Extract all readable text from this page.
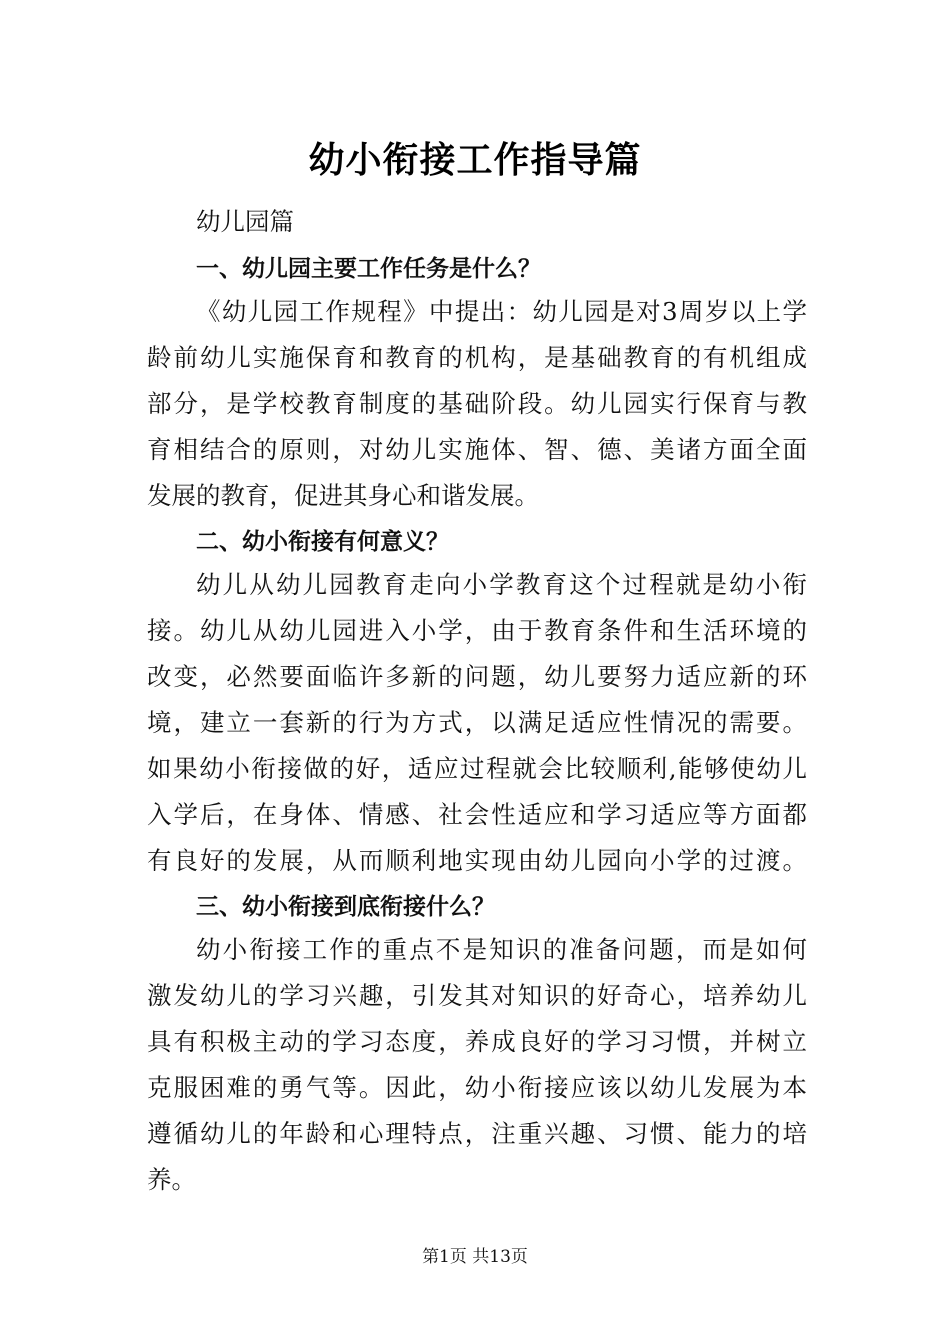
幼小衔接工作指导篇
幼儿园篇
一、幼儿园主要工作任务是什么？
《幼儿园工作规程》中提出：幼儿园是对3周岁以上学
龄前幼儿实施保育和教育的机构，是基础教育的有机组成
部分，是学校教育制度的基础阶段。幼儿园实行保育与教
育相结合的原则，对幼儿实施体、智、德、美诸方面全面
发展的教育，促进其身心和谐发展。
二、幼小衔接有何意义？
幼儿从幼儿园教育走向小学教育这个过程就是幼小衔
接。幼儿从幼儿园进入小学，由于教育条件和生活环境的
改变，必然要面临许多新的问题，幼儿要努力适应新的环
境，建立一套新的行为方式，以满足适应性情况的需要。
如果幼小衔接做的好，适应过程就会比较顺利,能够使幼儿
入学后，在身体、情感、社会性适应和学习适应等方面都
有良好的发展，从而顺利地实现由幼儿园向小学的过渡。
三、幼小衔接到底衔接什么？
幼小衔接工作的重点不是知识的准备问题，而是如何
激发幼儿的学习兴趣，引发其对知识的好奇心，培养幼儿
具有积极主动的学习态度，养成良好的学习习惯，并树立
克服困难的勇气等。因此，幼小衔接应该以幼儿发展为本
遵循幼儿的年龄和心理特点，注重兴趣、习惯、能力的培
养。
第1页 共13页
